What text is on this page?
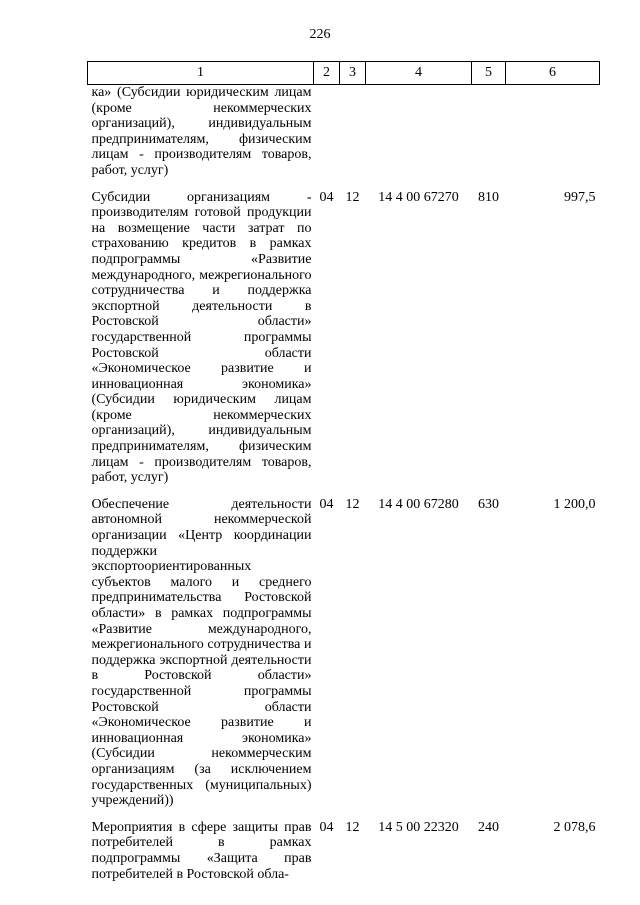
226
1	2	3	4	5	6
ка» (Субсидии юридическим лицам (кроме некоммерческих организаций), индивидуальным предпринимателям, физическим лицам - производителям товаров, работ, услуг)					
Субсидии организациям - производителям готовой продукции на возмещение части затрат по страхованию кредитов в рамках подпрограммы «Развитие международного, межрегионального сотрудничества и поддержка экспортной деятельности в Ростовской области» государственной программы Ростовской области «Экономическое развитие и инновационная экономика» (Субсидии юридическим лицам (кроме некоммерческих организаций), индивидуальным предпринимателям, физическим лицам - производителям товаров, работ, услуг)	04	12	14 4 00 67270	810	997,5
Обеспечение деятельности автономной некоммерческой организации «Центр координации поддержки экспортоориентированных субъектов малого и среднего предпринимательства Ростовской области» в рамках подпрограммы «Развитие международного, межрегионального сотрудничества и поддержка экспортной деятельности в Ростовской области» государственной программы Ростовской области «Экономическое развитие и инновационная экономика» (Субсидии некоммерческим организациям (за исключением государственных (муниципальных) учреждений))	04	12	14 4 00 67280	630	1 200,0
Мероприятия в сфере защиты прав потребителей в рамках подпрограммы «Защита прав потребителей в Ростовской обла-	04	12	14 5 00 22320	240	2 078,6
